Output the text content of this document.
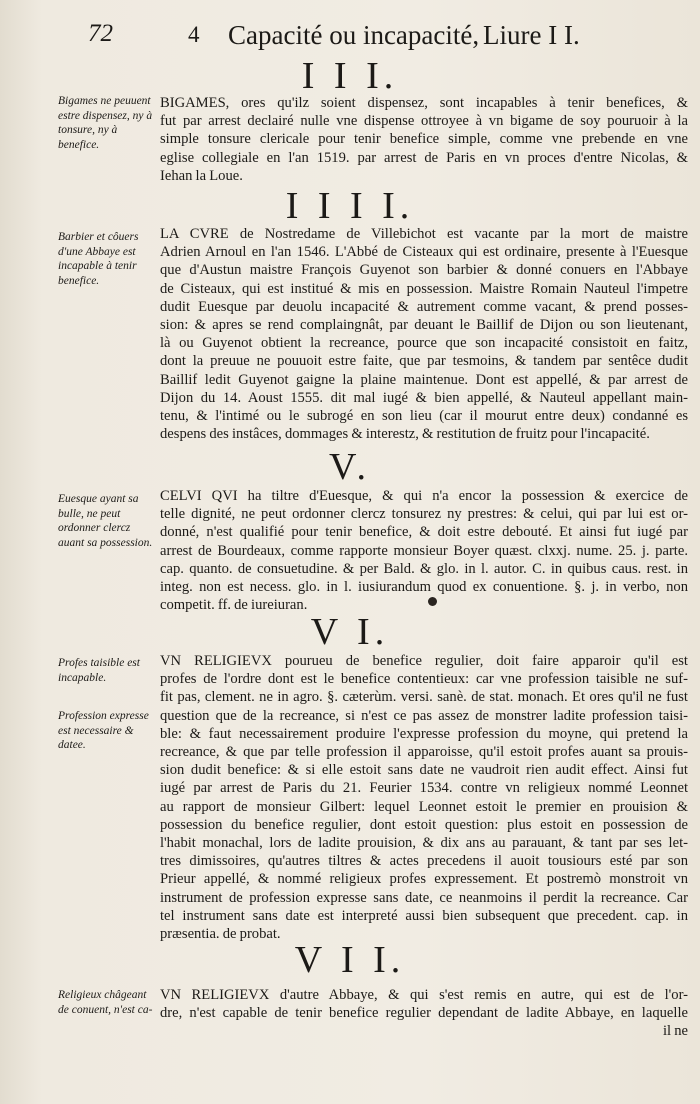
72	4 Capacité ou incapacité, Liure I I.
I I I.
Bigames ne peuuent estre dispensez, ny à tonsure, ny à benefice.
BIGAMES, ores qu'ilz soient dispensez, sont incapables à tenir benefices, &
fut par arrest declairé nulle vne dispense ottroyee à vn bigame de soy pouruoir à la
simple tonsure clericale pour tenir benefice simple, comme vne prebende en vne
eglise collegiale en l'an 1519. par arrest de Paris en vn proces d'entre Nicolas, &
Iehan la Loue.
I I I I.
Barbier et côuers d'une Abbaye est incapable à tenir benefice.
LA CVRE de Nostredame de Villebichot est vacante par la mort de maistre
Adrien Arnoul en l'an 1546. L'Abbé de Cisteaux qui est ordinaire, presente à l'Euesque
que d'Austun maistre François Guyenot son barbier & donné conuers en l'Abbaye
de Cisteaux, qui est institué & mis en possession. Maistre Romain Nauteul l'impetre
dudit Euesque par deuolu incapacité & autrement comme vacant, & prend posses-
sion: & apres se rend complaingnât, par deuant le Baillif de Dijon ou son lieutenant,
là ou Guyenot obtient la recreance, pource que son incapacité consistoit en faitz,
dont la preuue ne pouuoit estre faite, que par tesmoins, & tandem par sentêce dudit
Baillif ledit Guyenot gaigne la plaine maintenue. Dont est appellé, & par arrest de
Dijon du 14. Aoust 1555. dit mal iugé & bien appellé, & Nauteul appellant main-
tenu, & l'intimé ou le subrogé en son lieu (car il mourut entre deux) condanné es
despens des instâces, dommages & interestz, & restitution de fruitz pour l'incapacité.
V.
Euesque ayant sa bulle, ne peut ordonner clercz auant sa possession.
CELVI QVI ha tiltre d'Euesque, & qui n'a encor la possession & exercice de
telle dignité, ne peut ordonner clercz tonsurez ny prestres: & celui, qui par lui est or-
donné, n'est qualifié pour tenir benefice, & doit estre debouté. Et ainsi fut iugé par
arrest de Bourdeaux, comme rapporte monsieur Boyer quæst. clxxj. nume. 25. j. parte.
cap. quanto. de consuetudine. & per Bald. & glo. in l. autor. C. in quibus caus. rest. in
integ. non est necess. glo. in l. iusiurandum quod ex conuentione. §. j. in verbo, non
competit. ff. de iureiuran.
V I.
Profes taisible est incapable.
Profession expresse est necessaire & datee.
VN RELIGIEVX pourueu de benefice regulier, doit faire apparoir qu'il est
profes de l'ordre dont est le benefice contentieux: car vne profession taisible ne suf-
fit pas, clement. ne in agro. §. cæterùm. versi. sanè. de stat. monach. Et ores qu'il ne fust
question que de la recreance, si n'est ce pas assez de monstrer ladite profession taisi-
ble: & faut necessairement produire l'expresse profession du moyne, qui pretend la
recreance, & que par telle profession il apparoisse, qu'il estoit profes auant sa prouis-
sion dudit benefice: & si elle estoit sans date ne vaudroit rien audit effect. Ainsi fut
iugé par arrest de Paris du 21. Feurier 1534. contre vn religieux nommé Leonnet
au rapport de monsieur Gilbert: lequel Leonnet estoit le premier en prouision &
possession du benefice regulier, dont estoit question: plus estoit en possession de
l'habit monachal, lors de ladite prouision, & dix ans au parauant, & tant par ses let-
tres dimissoires, qu'autres tiltres & actes precedens il auoit tousiours esté par son
Prieur appellé, & nommé religieux profes expressement. Et postremò monstroit vn
instrument de profession expresse sans date, ce neanmoins il perdit la recreance. Car
tel instrument sans date est interpreté aussi bien subsequent que precedent. cap. in
præsentia. de probat.
V I I.
Religieux châgeant de conuent, n'est ca-
VN RELIGIEVX d'autre Abbaye, & qui s'est remis en autre, qui est de l'or-
dre, n'est capable de tenir benefice regulier dependant de ladite Abbaye, en laquelle
il ne
